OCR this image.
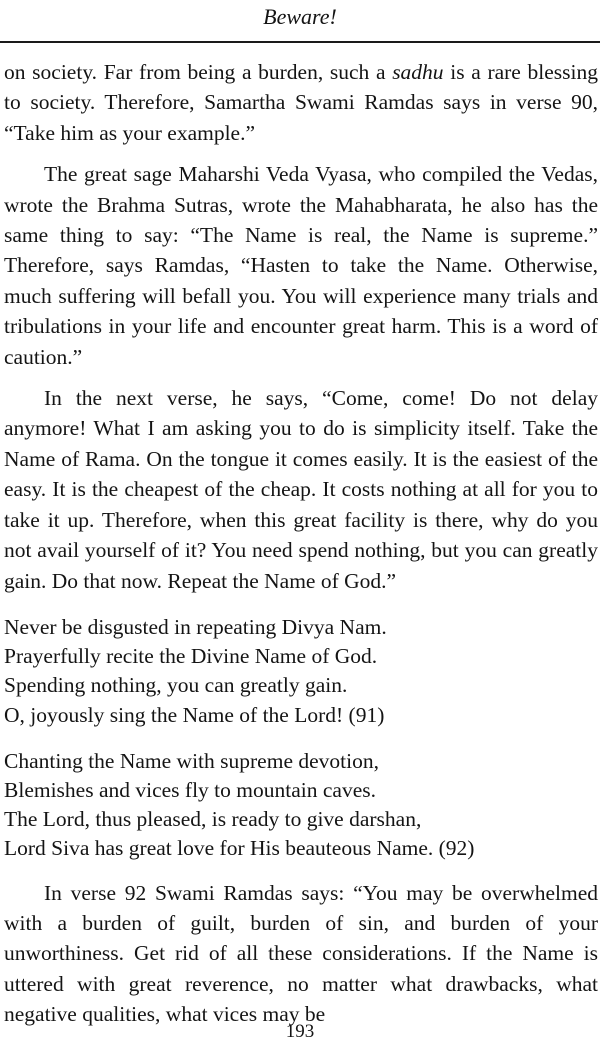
Beware!

on society. Far from being a burden, such a sadhu is a rare blessing to society. Therefore, Samartha Swami Ramdas says in verse 90, “Take him as your example.”

The great sage Maharshi Veda Vyasa, who compiled the Vedas, wrote the Brahma Sutras, wrote the Mahabharata, he also has the same thing to say: “The Name is real, the Name is supreme.” Therefore, says Ramdas, “Hasten to take the Name. Otherwise, much suffering will befall you. You will experience many trials and tribulations in your life and encounter great harm. This is a word of caution.”

In the next verse, he says, “Come, come! Do not delay anymore! What I am asking you to do is simplicity itself. Take the Name of Rama. On the tongue it comes easily. It is the easiest of the easy. It is the cheapest of the cheap. It costs nothing at all for you to take it up. Therefore, when this great facility is there, why do you not avail yourself of it? You need spend nothing, but you can greatly gain. Do that now. Repeat the Name of God.”

Never be disgusted in repeating Divya Nam.
Prayerfully recite the Divine Name of God.
Spending nothing, you can greatly gain.
O, joyously sing the Name of the Lord! (91)
Chanting the Name with supreme devotion,
Blemishes and vices fly to mountain caves.
The Lord, thus pleased, is ready to give darshan,
Lord Siva has great love for His beauteous Name. (92)

In verse 92 Swami Ramdas says: “You may be overwhelmed with a burden of guilt, burden of sin, and burden of your unworthiness. Get rid of all these considerations. If the Name is uttered with great reverence, no matter what drawbacks, what negative qualities, what vices may be

193
